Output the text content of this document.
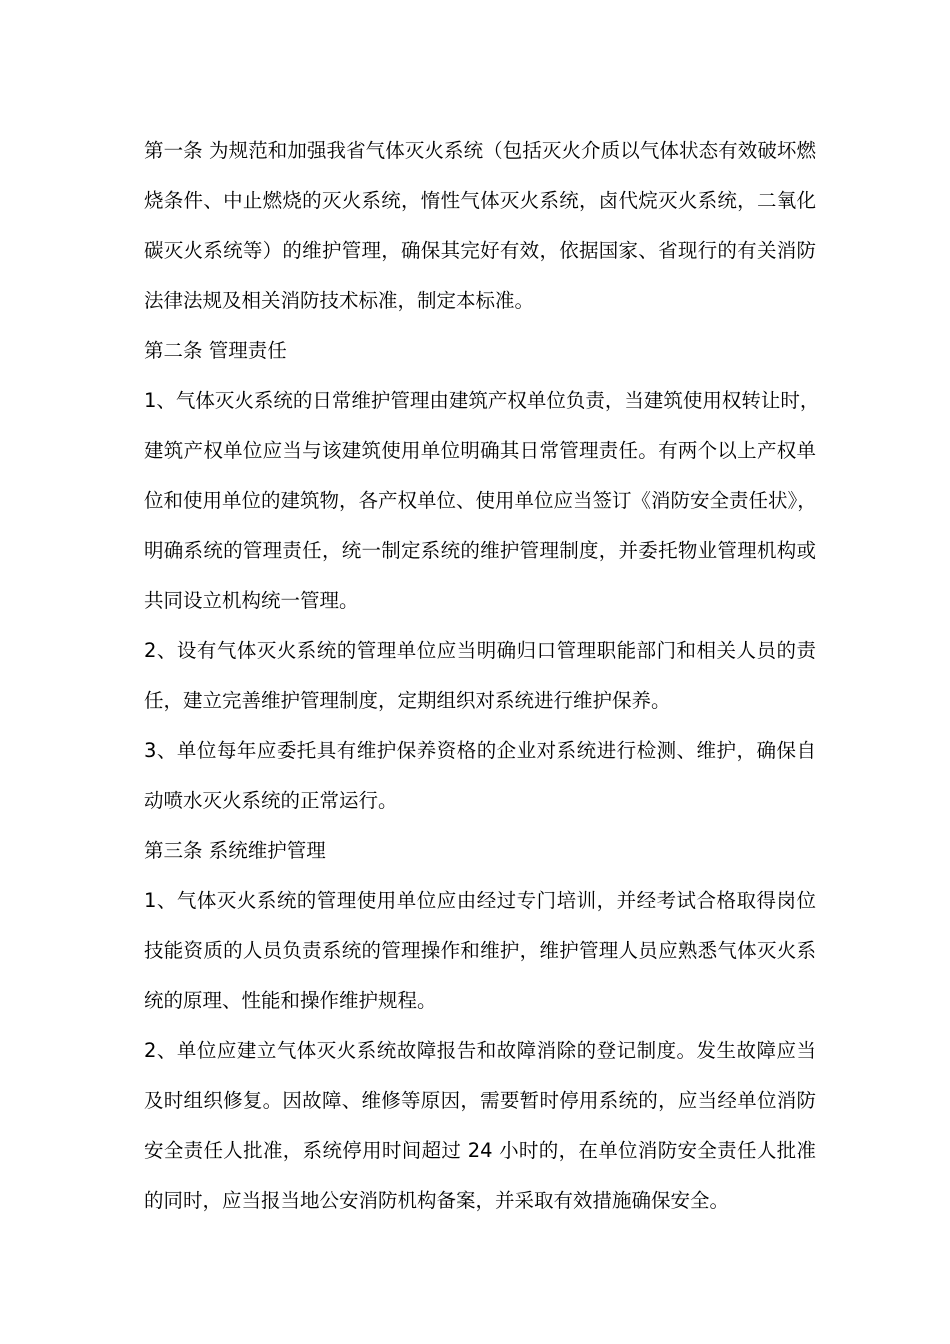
第一条 为规范和加强我省气体灭火系统（包括灭火介质以气体状态有效破坏燃
烧条件、中止燃烧的灭火系统，惰性气体灭火系统，卤代烷灭火系统，二氧化
碳灭火系统等）的维护管理，确保其完好有效，依据国家、省现行的有关消防
法律法规及相关消防技术标准，制定本标准。
第二条 管理责任
1、气体灭火系统的日常维护管理由建筑产权单位负责，当建筑使用权转让时，
建筑产权单位应当与该建筑使用单位明确其日常管理责任。有两个以上产权单
位和使用单位的建筑物，各产权单位、使用单位应当签订《消防安全责任状》，
明确系统的管理责任，统一制定系统的维护管理制度，并委托物业管理机构或
共同设立机构统一管理。
2、设有气体灭火系统的管理单位应当明确归口管理职能部门和相关人员的责
任，建立完善维护管理制度，定期组织对系统进行维护保养。
3、单位每年应委托具有维护保养资格的企业对系统进行检测、维护，确保自
动喷水灭火系统的正常运行。
第三条 系统维护管理
1、气体灭火系统的管理使用单位应由经过专门培训，并经考试合格取得岗位
技能资质的人员负责系统的管理操作和维护，维护管理人员应熟悉气体灭火系
统的原理、性能和操作维护规程。
2、单位应建立气体灭火系统故障报告和故障消除的登记制度。发生故障应当
及时组织修复。因故障、维修等原因，需要暂时停用系统的，应当经单位消防
安全责任人批准，系统停用时间超过 24 小时的，在单位消防安全责任人批准
的同时，应当报当地公安消防机构备案，并采取有效措施确保安全。
